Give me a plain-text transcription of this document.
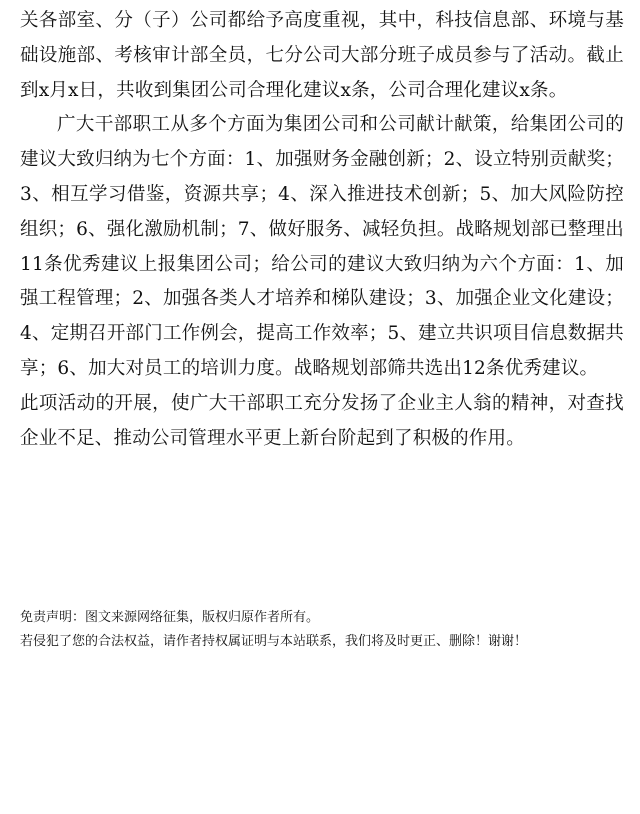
关各部室、分（子）公司都给予高度重视，其中，科技信息部、环境与基础设施部、考核审计部全员，七分公司大部分班子成员参与了活动。截止到x月x日，共收到集团公司合理化建议x条，公司合理化建议x条。

广大干部职工从多个方面为集团公司和公司献计献策，给集团公司的建议大致归纳为七个方面：1、加强财务金融创新；2、设立特别贡献奖；3、相互学习借鉴，资源共享；4、深入推进技术创新；5、加大风险防控组织；6、强化激励机制；7、做好服务、减轻负担。战略规划部已整理出11条优秀建议上报集团公司；给公司的建议大致归纳为六个方面：1、加强工程管理；2、加强各类人才培养和梯队建设；3、加强企业文化建设；4、定期召开部门工作例会，提高工作效率；5、建立共识项目信息数据共享；6、加大对员工的培训力度。战略规划部筛共选出12条优秀建议。

此项活动的开展，使广大干部职工充分发扬了企业主人翁的精神，对查找企业不足、推动公司管理水平更上新台阶起到了积极的作用。

免责声明：图文来源网络征集，版权归原作者所有。

若侵犯了您的合法权益，请作者持权属证明与本站联系，我们将及时更正、删除！谢谢！
